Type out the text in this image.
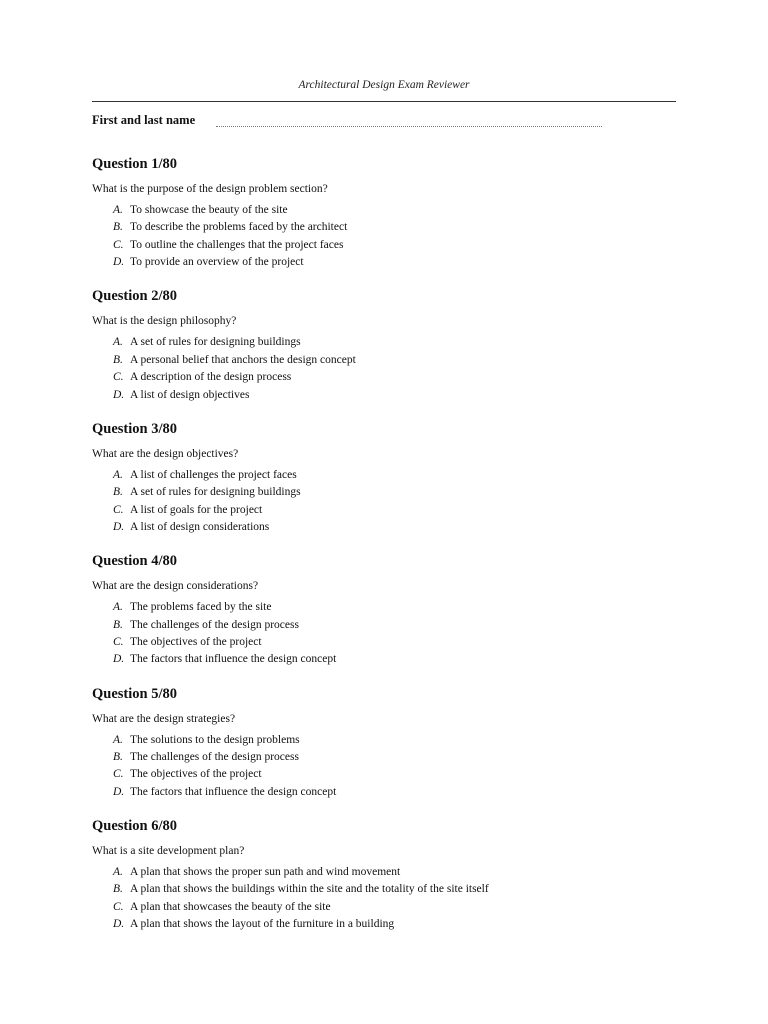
Architectural Design Exam Reviewer
First and last name
Question 1/80
What is the purpose of the design problem section?
A. To showcase the beauty of the site
B. To describe the problems faced by the architect
C. To outline the challenges that the project faces
D. To provide an overview of the project
Question 2/80
What is the design philosophy?
A. A set of rules for designing buildings
B. A personal belief that anchors the design concept
C. A description of the design process
D. A list of design objectives
Question 3/80
What are the design objectives?
A. A list of challenges the project faces
B. A set of rules for designing buildings
C. A list of goals for the project
D. A list of design considerations
Question 4/80
What are the design considerations?
A. The problems faced by the site
B. The challenges of the design process
C. The objectives of the project
D. The factors that influence the design concept
Question 5/80
What are the design strategies?
A. The solutions to the design problems
B. The challenges of the design process
C. The objectives of the project
D. The factors that influence the design concept
Question 6/80
What is a site development plan?
A. A plan that shows the proper sun path and wind movement
B. A plan that shows the buildings within the site and the totality of the site itself
C. A plan that showcases the beauty of the site
D. A plan that shows the layout of the furniture in a building
